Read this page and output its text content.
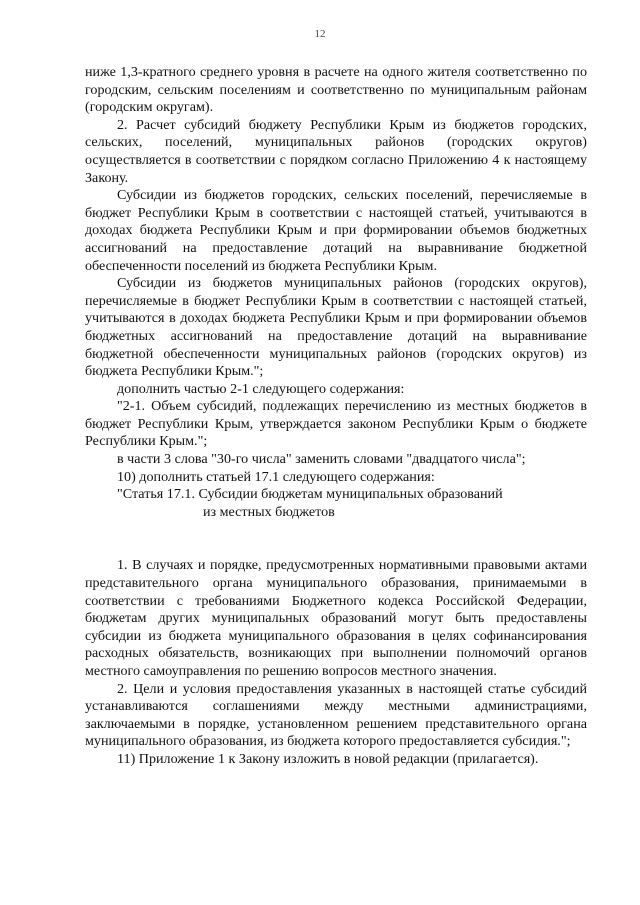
12

ниже 1,3-кратного среднего уровня в расчете на одного жителя соответственно по городским, сельским поселениям и соответственно по муниципальным районам (городским округам).

2. Расчет субсидий бюджету Республики Крым из бюджетов городских, сельских, поселений, муниципальных районов (городских округов) осуществляется в соответствии с порядком согласно Приложению 4 к настоящему Закону.

Субсидии из бюджетов городских, сельских поселений, перечисляемые в бюджет Республики Крым в соответствии с настоящей статьей, учитываются в доходах бюджета Республики Крым и при формировании объемов бюджетных ассигнований на предоставление дотаций на выравнивание бюджетной обеспеченности поселений из бюджета Республики Крым.

Субсидии из бюджетов муниципальных районов (городских округов), перечисляемые в бюджет Республики Крым в соответствии с настоящей статьей, учитываются в доходах бюджета Республики Крым и при формировании объемов бюджетных ассигнований на предоставление дотаций на выравнивание бюджетной обеспеченности муниципальных районов (городских округов) из бюджета Республики Крым.";

дополнить частью 2-1 следующего содержания:

"2-1. Объем субсидий, подлежащих перечислению из местных бюджетов в бюджет Республики Крым, утверждается законом Республики Крым о бюджете Республики Крым.";

в части 3 слова "30-го числа" заменить словами "двадцатого числа";

10) дополнить статьей 17.1 следующего содержания:

"Статья 17.1. Субсидии бюджетам муниципальных образований

из местных бюджетов

1. В случаях и порядке, предусмотренных нормативными правовыми актами представительного органа муниципального образования, принимаемыми в соответствии с требованиями Бюджетного кодекса Российской Федерации, бюджетам других муниципальных образований могут быть предоставлены субсидии из бюджета муниципального образования в целях софинансирования расходных обязательств, возникающих при выполнении полномочий органов местного самоуправления по решению вопросов местного значения.

2. Цели и условия предоставления указанных в настоящей статье субсидий устанавливаются соглашениями между местными администрациями, заключаемыми в порядке, установленном решением представительного органа муниципального образования, из бюджета которого предоставляется субсидия.";

11) Приложение 1 к Закону изложить в новой редакции (прилагается).
